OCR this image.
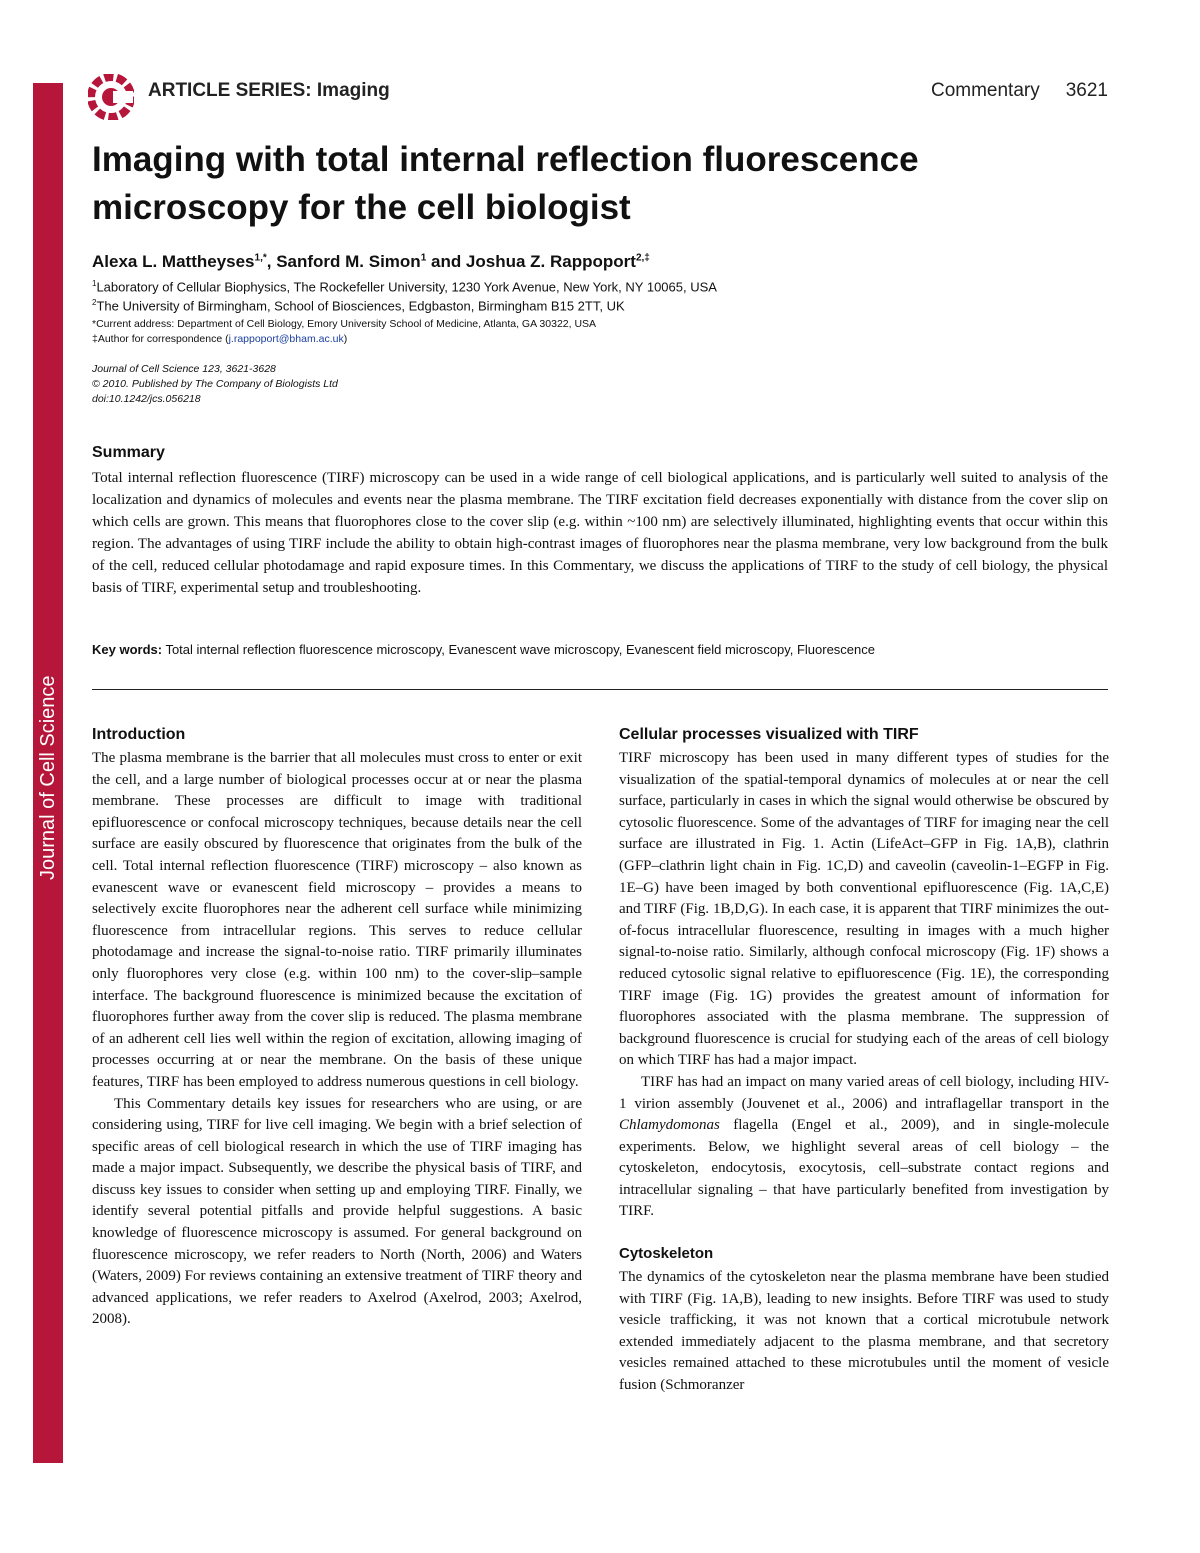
Journal of Cell Science
ARTICLE SERIES: Imaging	Commentary 3621
Imaging with total internal reflection fluorescence microscopy for the cell biologist
Alexa L. Mattheyses$^{1,*}$, Sanford M. Simon$^1$ and Joshua Z. Rappoport$^{2,\ddagger}$
$^1$Laboratory of Cellular Biophysics, The Rockefeller University, 1230 York Avenue, New York, NY 10065, USA
$^2$The University of Birmingham, School of Biosciences, Edgbaston, Birmingham B15 2TT, UK
*Current address: Department of Cell Biology, Emory University School of Medicine, Atlanta, GA 30322, USA
‡Author for correspondence (j.rappoport@bham.ac.uk)
Journal of Cell Science 123, 3621-3628
© 2010. Published by The Company of Biologists Ltd
doi:10.1242/jcs.056218
Summary

Total internal reflection fluorescence (TIRF) microscopy can be used in a wide range of cell biological applications, and is particularly well suited to analysis of the localization and dynamics of molecules and events near the plasma membrane. The TIRF excitation field decreases exponentially with distance from the cover slip on which cells are grown. This means that fluorophores close to the cover slip (e.g. within ~100 nm) are selectively illuminated, highlighting events that occur within this region. The advantages of using TIRF include the ability to obtain high-contrast images of fluorophores near the plasma membrane, very low background from the bulk of the cell, reduced cellular photodamage and rapid exposure times. In this Commentary, we discuss the applications of TIRF to the study of cell biology, the physical basis of TIRF, experimental setup and troubleshooting.

Key words: Total internal reflection fluorescence microscopy, Evanescent wave microscopy, Evanescent field microscopy, Fluorescence
Introduction

The plasma membrane is the barrier that all molecules must cross to enter or exit the cell, and a large number of biological processes occur at or near the plasma membrane. These processes are difficult to image with traditional epifluorescence or confocal microscopy techniques, because details near the cell surface are easily obscured by fluorescence that originates from the bulk of the cell. Total internal reflection fluorescence (TIRF) microscopy – also known as evanescent wave or evanescent field microscopy – provides a means to selectively excite fluorophores near the adherent cell surface while minimizing fluorescence from intracellular regions. This serves to reduce cellular photodamage and increase the signal-to-noise ratio. TIRF primarily illuminates only fluorophores very close (e.g. within 100 nm) to the cover-slip–sample interface. The background fluorescence is minimized because the excitation of fluorophores further away from the cover slip is reduced. The plasma membrane of an adherent cell lies well within the region of excitation, allowing imaging of processes occurring at or near the membrane. On the basis of these unique features, TIRF has been employed to address numerous questions in cell biology.

This Commentary details key issues for researchers who are using, or are considering using, TIRF for live cell imaging. We begin with a brief selection of specific areas of cell biological research in which the use of TIRF imaging has made a major impact. Subsequently, we describe the physical basis of TIRF, and discuss key issues to consider when setting up and employing TIRF. Finally, we identify several potential pitfalls and provide helpful suggestions. A basic knowledge of fluorescence microscopy is assumed. For general background on fluorescence microscopy, we refer readers to North (North, 2006) and Waters (Waters, 2009) For reviews containing an extensive treatment of TIRF theory and advanced applications, we refer readers to Axelrod (Axelrod, 2003; Axelrod, 2008).

Cellular processes visualized with TIRF

TIRF microscopy has been used in many different types of studies for the visualization of the spatial-temporal dynamics of molecules at or near the cell surface, particularly in cases in which the signal would otherwise be obscured by cytosolic fluorescence. Some of the advantages of TIRF for imaging near the cell surface are illustrated in Fig. 1. Actin (LifeAct–GFP in Fig. 1A,B), clathrin (GFP–clathrin light chain in Fig. 1C,D) and caveolin (caveolin-1–EGFP in Fig. 1E–G) have been imaged by both conventional epifluorescence (Fig. 1A,C,E) and TIRF (Fig. 1B,D,G). In each case, it is apparent that TIRF minimizes the out-of-focus intracellular fluorescence, resulting in images with a much higher signal-to-noise ratio. Similarly, although confocal microscopy (Fig. 1F) shows a reduced cytosolic signal relative to epifluorescence (Fig. 1E), the corresponding TIRF image (Fig. 1G) provides the greatest amount of information for fluorophores associated with the plasma membrane. The suppression of background fluorescence is crucial for studying each of the areas of cell biology on which TIRF has had a major impact.

TIRF has had an impact on many varied areas of cell biology, including HIV-1 virion assembly (Jouvenet et al., 2006) and intraflagellar transport in the Chlamydomonas flagella (Engel et al., 2009), and in single-molecule experiments. Below, we highlight several areas of cell biology – the cytoskeleton, endocytosis, exocytosis, cell–substrate contact regions and intracellular signaling – that have particularly benefited from investigation by TIRF.

Cytoskeleton

The dynamics of the cytoskeleton near the plasma membrane have been studied with TIRF (Fig. 1A,B), leading to new insights. Before TIRF was used to study vesicle trafficking, it was not known that a cortical microtubule network extended immediately adjacent to the plasma membrane, and that secretory vesicles remained attached to these microtubules until the moment of vesicle fusion (Schmoranzer
